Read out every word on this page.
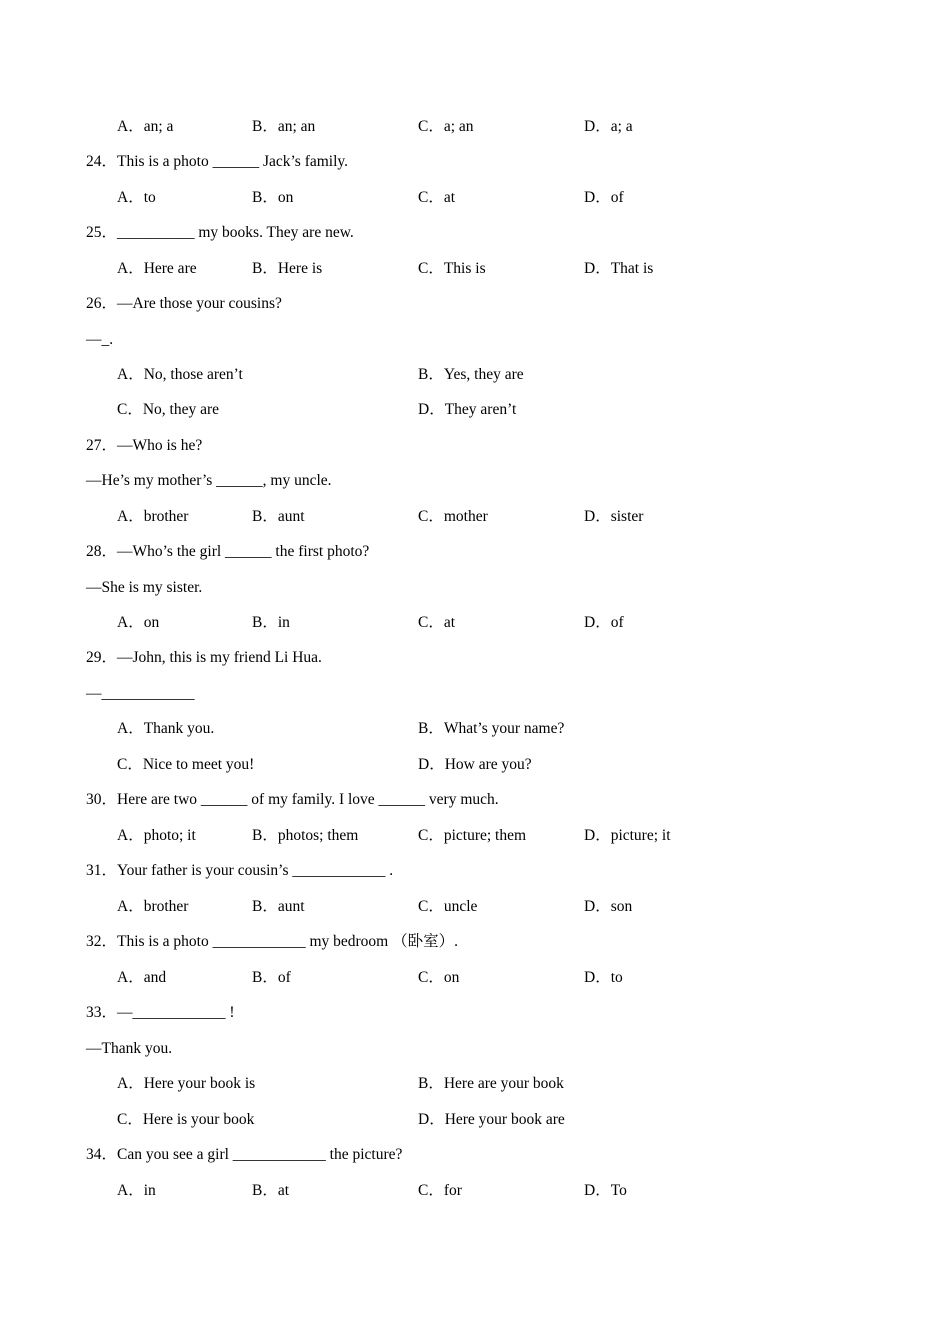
A．an; a	B．an; an	C．a; an	D．a; a
24．This is a photo ______ Jack’s family.
A．to	B．on	C．at	D．of
25．__________ my books. They are new.
A．Here are	B．Here is	C．This is	D．That is
26．—Are those your cousins?
—_.
A．No, those aren’t	B．Yes, they are
C．No, they are	D．They aren’t
27．—Who is he?
—He’s my mother’s ______, my uncle.
A．brother	B．aunt	C．mother	D．sister
28．—Who’s the girl ______ the first photo?
—She is my sister.
A．on	B．in	C．at	D．of
29．—John, this is my friend Li Hua.
—____________
A．Thank you.	B．What’s your name?
C．Nice to meet you!	D．How are you?
30．Here are two ______ of my family. I love ______ very much.
A．photo; it	B．photos; them	C．picture; them	D．picture; it
31．Your father is your cousin’s ____________ .
A．brother	B．aunt	C．uncle	D．son
32．This is a photo ____________ my bedroom （卧室）.
A．and	B．of	C．on	D．to
33．—____________ !
—Thank you.
A．Here your book is	B．Here are your book
C．Here is your book	D．Here your book are
34．Can you see a girl ____________ the picture?
A．in	B．at	C．for	D．To
